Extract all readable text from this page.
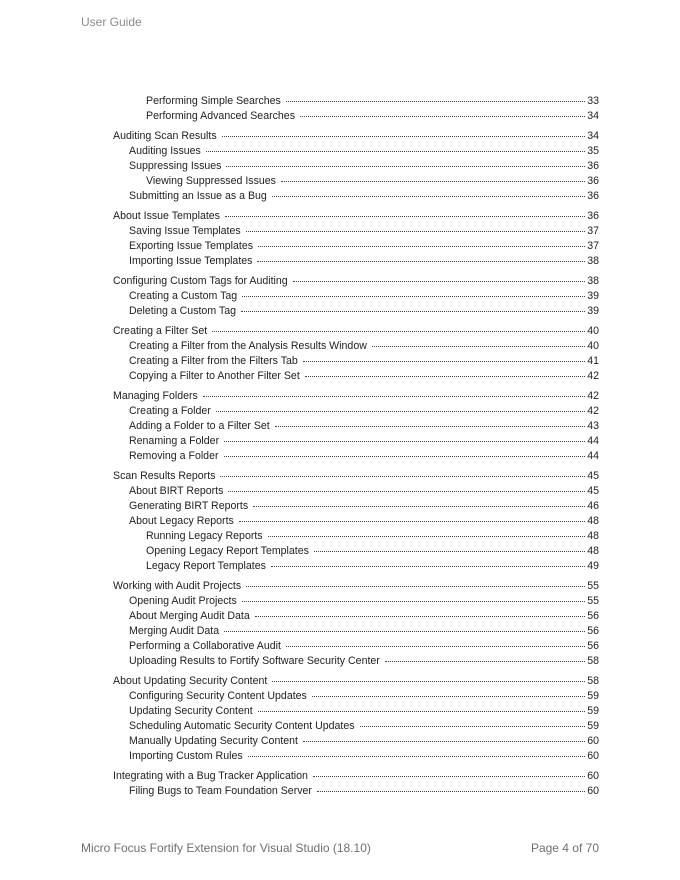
User Guide
Performing Simple Searches	33
Performing Advanced Searches	34
Auditing Scan Results	34
Auditing Issues	35
Suppressing Issues	36
Viewing Suppressed Issues	36
Submitting an Issue as a Bug	36
About Issue Templates	36
Saving Issue Templates	37
Exporting Issue Templates	37
Importing Issue Templates	38
Configuring Custom Tags for Auditing	38
Creating a Custom Tag	39
Deleting a Custom Tag	39
Creating a Filter Set	40
Creating a Filter from the Analysis Results Window	40
Creating a Filter from the Filters Tab	41
Copying a Filter to Another Filter Set	42
Managing Folders	42
Creating a Folder	42
Adding a Folder to a Filter Set	43
Renaming a Folder	44
Removing a Folder	44
Scan Results Reports	45
About BIRT Reports	45
Generating BIRT Reports	46
About Legacy Reports	48
Running Legacy Reports	48
Opening Legacy Report Templates	48
Legacy Report Templates	49
Working with Audit Projects	55
Opening Audit Projects	55
About Merging Audit Data	56
Merging Audit Data	56
Performing a Collaborative Audit	56
Uploading Results to Fortify Software Security Center	58
About Updating Security Content	58
Configuring Security Content Updates	59
Updating Security Content	59
Scheduling Automatic Security Content Updates	59
Manually Updating Security Content	60
Importing Custom Rules	60
Integrating with a Bug Tracker Application	60
Filing Bugs to Team Foundation Server	60
Micro Focus Fortify Extension for Visual Studio (18.10)	Page 4 of 70
